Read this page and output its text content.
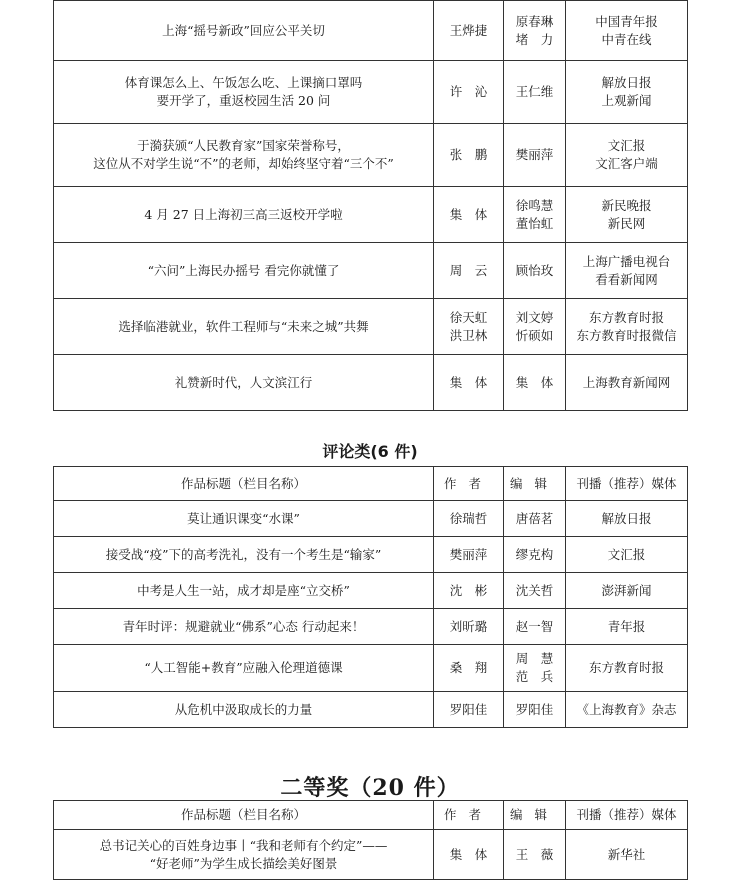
上海“摇号新政”回应公平关切	王烨捷	原春琳
堵　力	中国青年报
中青在线

体育课怎么上、午饭怎么吃、上课摘口罩吗
要开学了，重返校园生活 20 问	许　沁	王仁维	解放日报
上观新闻

于漪获颁“人民教育家”国家荣誉称号，
这位从不对学生说“不”的老师，却始终坚守着“三个不”	张　鹏	樊丽萍	文汇报
文汇客户端

4 月 27 日上海初三高三返校开学啦	集　体	徐鸣慧
董怡虹	新民晚报
新民网

“六问”上海民办摇号 看完你就懂了	周　云	顾怡玫	上海广播电视台
看看新闻网

选择临港就业，软件工程师与“未来之城”共舞	徐天虹
洪卫林	刘文婷
忻硕如	东方教育时报
东方教育时报微信

礼赞新时代，人文滨江行	集　体	集　体	上海教育新闻网
评论类(6 件)
作品标题（栏目名称）	作者	编辑	刊播（推荐）媒体

莫让通识课变“水课”	徐瑞哲	唐蓓茗	解放日报

接受战“疫”下的高考洗礼，没有一个考生是“输家”	樊丽萍	缪克构	文汇报

中考是人生一站，成才却是座“立交桥”	沈　彬	沈关哲	澎湃新闻

青年时评：规避就业“佛系”心态 行动起来！	刘昕璐	赵一智	青年报

“人工智能+教育”应融入伦理道德课	桑　翔	周　慧
范　兵	东方教育时报

从危机中汲取成长的力量	罗阳佳	罗阳佳	《上海教育》杂志
二等奖（20 件）
作品标题（栏目名称）	作者	编辑	刊播（推荐）媒体

总书记关心的百姓身边事丨“我和老师有个约定”——
“好老师”为学生成长描绘美好图景	集　体	王　薇	新华社
